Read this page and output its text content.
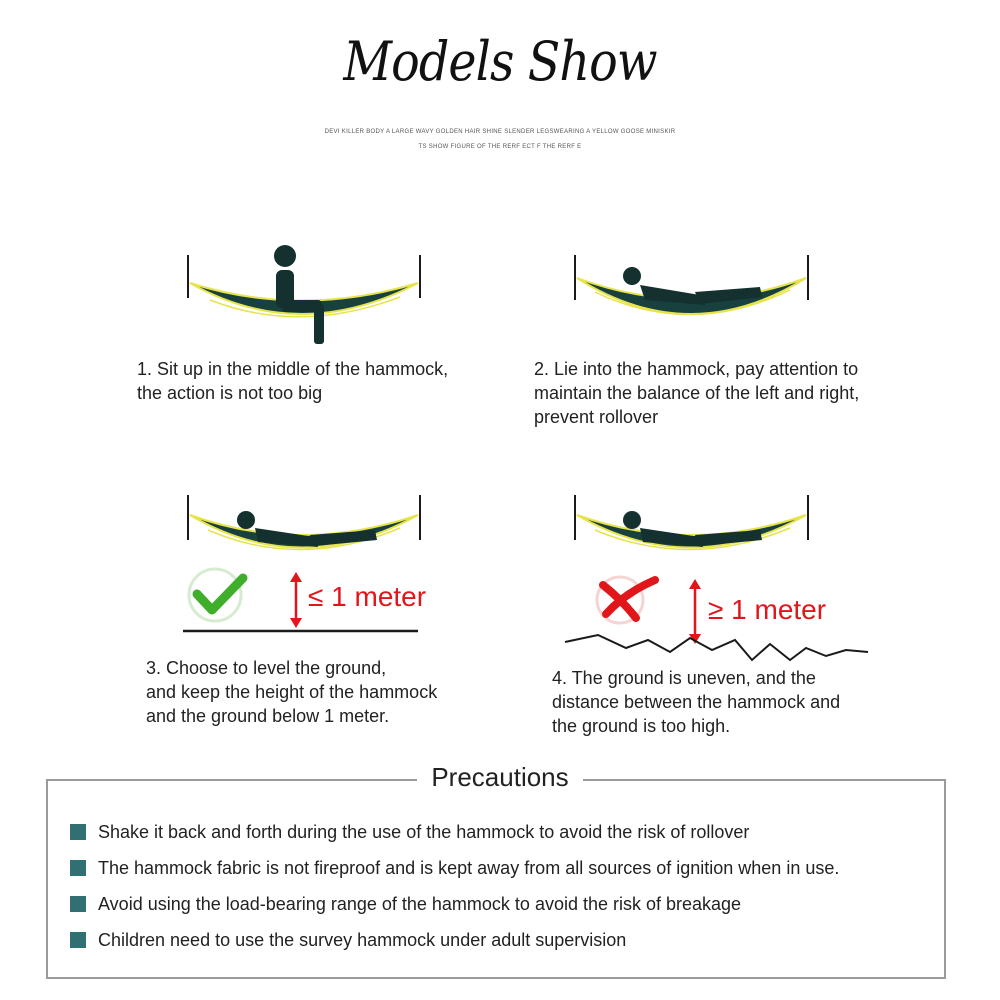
Models Show
DEVI KILLER BODY A LARGE WAVY GOLDEN HAIR SHINE SLENDER LEGSWEARING A YELLOW GOOSE MINISKIR
TS SHOW FIGURE OF THE RERF ECT F THE RERF E
1. Sit up in the middle of the hammock,
the action is not too big
2. Lie into the hammock, pay attention to
maintain the balance of the left and right,
prevent rollover
≤ 1 meter	≥ 1 meter
3. Choose to level the ground,
and keep the height of the hammock
and the ground below 1 meter.
4. The ground is uneven, and the
distance between the hammock and
the ground is too high.
Precautions
Shake it back and forth during the use of the hammock to avoid the risk of rollover
The hammock fabric is not fireproof and is kept away from all sources of ignition when in use.
Avoid using the load-bearing range of the hammock to avoid the risk of breakage
Children need to use the survey hammock under adult supervision
